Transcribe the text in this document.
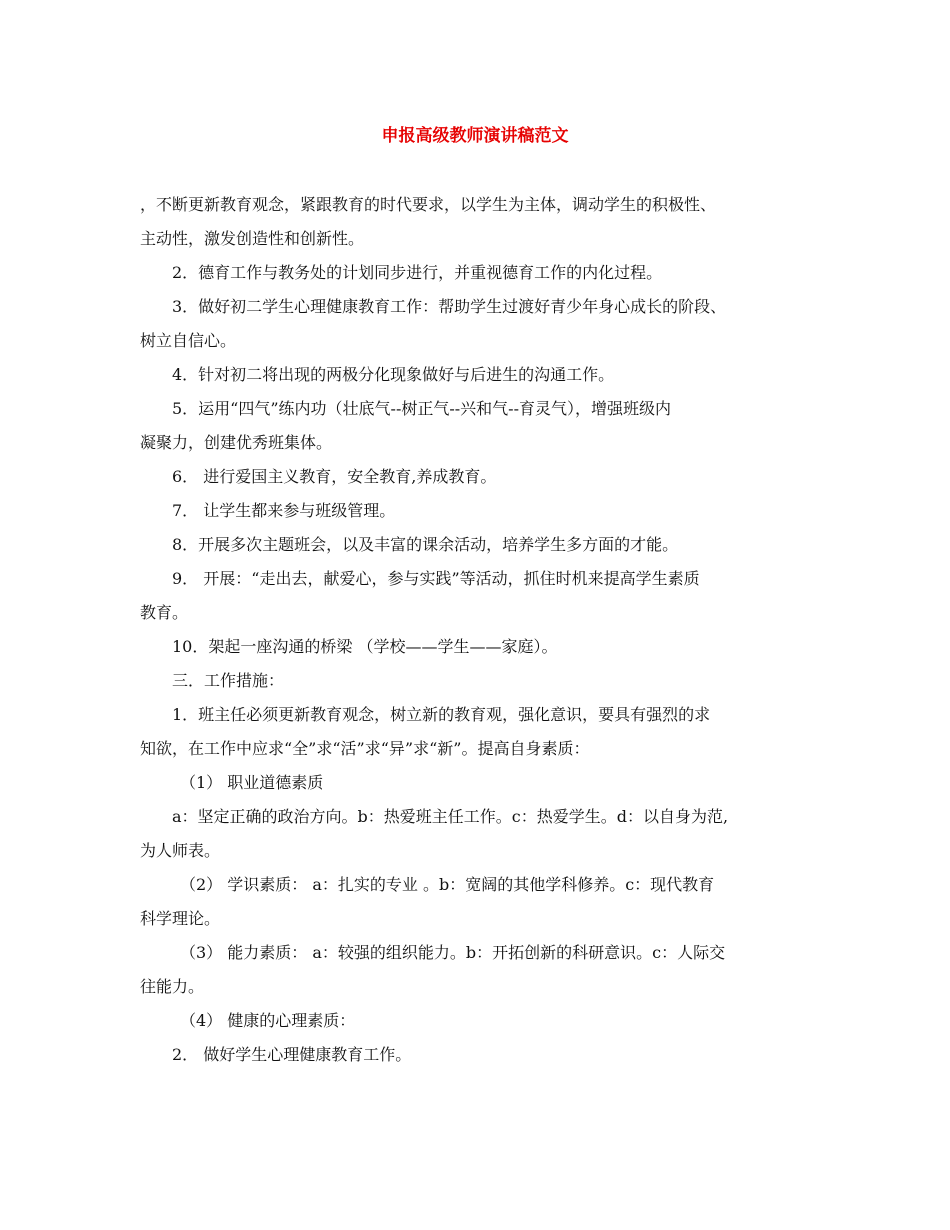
申报高级教师演讲稿范文
，不断更新教育观念，紧跟教育的时代要求，以学生为主体，调动学生的积极性、
主动性，激发创造性和创新性。
2．德育工作与教务处的计划同步进行，并重视德育工作的内化过程。
3．做好初二学生心理健康教育工作：帮助学生过渡好青少年身心成长的阶段、
树立自信心。
4．针对初二将出现的两极分化现象做好与后进生的沟通工作。
5．运用“四气”练内功（壮底气--树正气--兴和气--育灵气），增强班级内
凝聚力，创建优秀班集体。
6． 进行爱国主义教育，安全教育,养成教育。
7． 让学生都来参与班级管理。
8．开展多次主题班会，以及丰富的课余活动，培养学生多方面的才能。
9． 开展：“走出去，献爱心，参与实践”等活动，抓住时机来提高学生素质
教育。
10．架起一座沟通的桥梁 （学校——学生——家庭）。
三．工作措施：
1．班主任必须更新教育观念，树立新的教育观，强化意识，要具有强烈的求
知欲，在工作中应求“全”求“活”求“异”求“新”。提高自身素质：
（1） 职业道德素质
a：坚定正确的政治方向。b：热爱班主任工作。c：热爱学生。d：以自身为范,
为人师表。
（2） 学识素质： a：扎实的专业 。b：宽阔的其他学科修养。c：现代教育
科学理论。
（3） 能力素质： a：较强的组织能力。b：开拓创新的科研意识。c：人际交
往能力。
（4） 健康的心理素质：
2． 做好学生心理健康教育工作。
